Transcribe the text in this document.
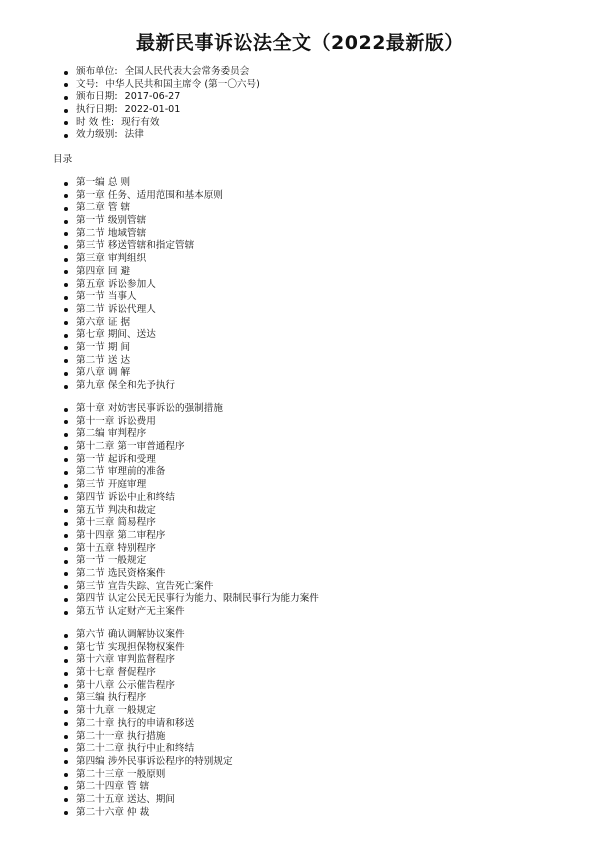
最新民事诉讼法全文（2022最新版）
颁布单位: 全国人民代表大会常务委员会
文号: 中华人民共和国主席令 (第一〇六号)
颁布日期: 2017-06-27
执行日期: 2022-01-01
时 效 性: 现行有效
效力级别: 法律
目录
第一编 总 则
第一章 任务、适用范围和基本原则
第二章 管 辖
第一节 级别管辖
第二节 地域管辖
第三节 移送管辖和指定管辖
第三章 审判组织
第四章 回 避
第五章 诉讼参加人
第一节 当事人
第二节 诉讼代理人
第六章 证 据
第七章 期间、送达
第一节 期 间
第二节 送 达
第八章 调 解
第九章 保全和先予执行
第十章 对妨害民事诉讼的强制措施
第十一章 诉讼费用
第二编 审判程序
第十二章 第一审普通程序
第一节 起诉和受理
第二节 审理前的准备
第三节 开庭审理
第四节 诉讼中止和终结
第五节 判决和裁定
第十三章 简易程序
第十四章 第二审程序
第十五章 特别程序
第一节 一般规定
第二节 选民资格案件
第三节 宣告失踪、宣告死亡案件
第四节 认定公民无民事行为能力、限制民事行为能力案件
第五节 认定财产无主案件
第六节 确认调解协议案件
第七节 实现担保物权案件
第十六章 审判监督程序
第十七章 督促程序
第十八章 公示催告程序
第三编 执行程序
第十九章 一般规定
第二十章 执行的申请和移送
第二十一章 执行措施
第二十二章 执行中止和终结
第四编 涉外民事诉讼程序的特别规定
第二十三章 一般原则
第二十四章 管 辖
第二十五章 送达、期间
第二十六章 仲 裁
